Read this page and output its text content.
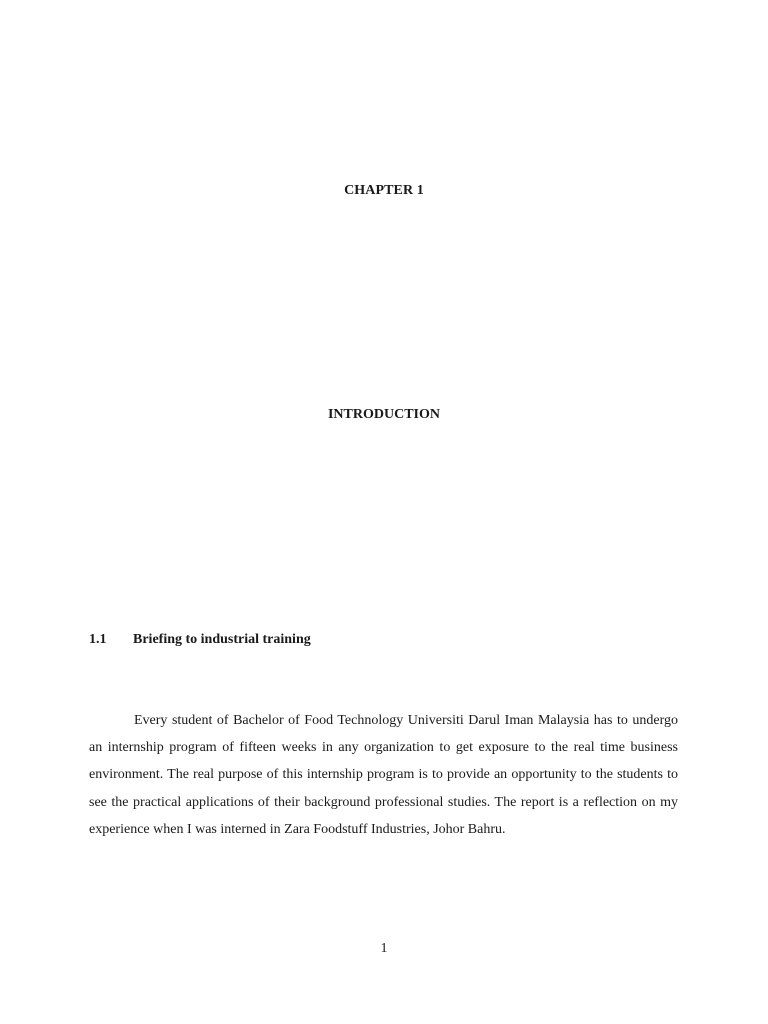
CHAPTER 1
INTRODUCTION
1.1 Briefing to industrial training

Every student of Bachelor of Food Technology Universiti Darul Iman Malaysia has to undergo an internship program of fifteen weeks in any organization to get exposure to the real time business environment. The real purpose of this internship program is to provide an opportunity to the students to see the practical applications of their background professional studies. The report is a reflection on my experience when I was interned in Zara Foodstuff Industries, Johor Bahru.

1
